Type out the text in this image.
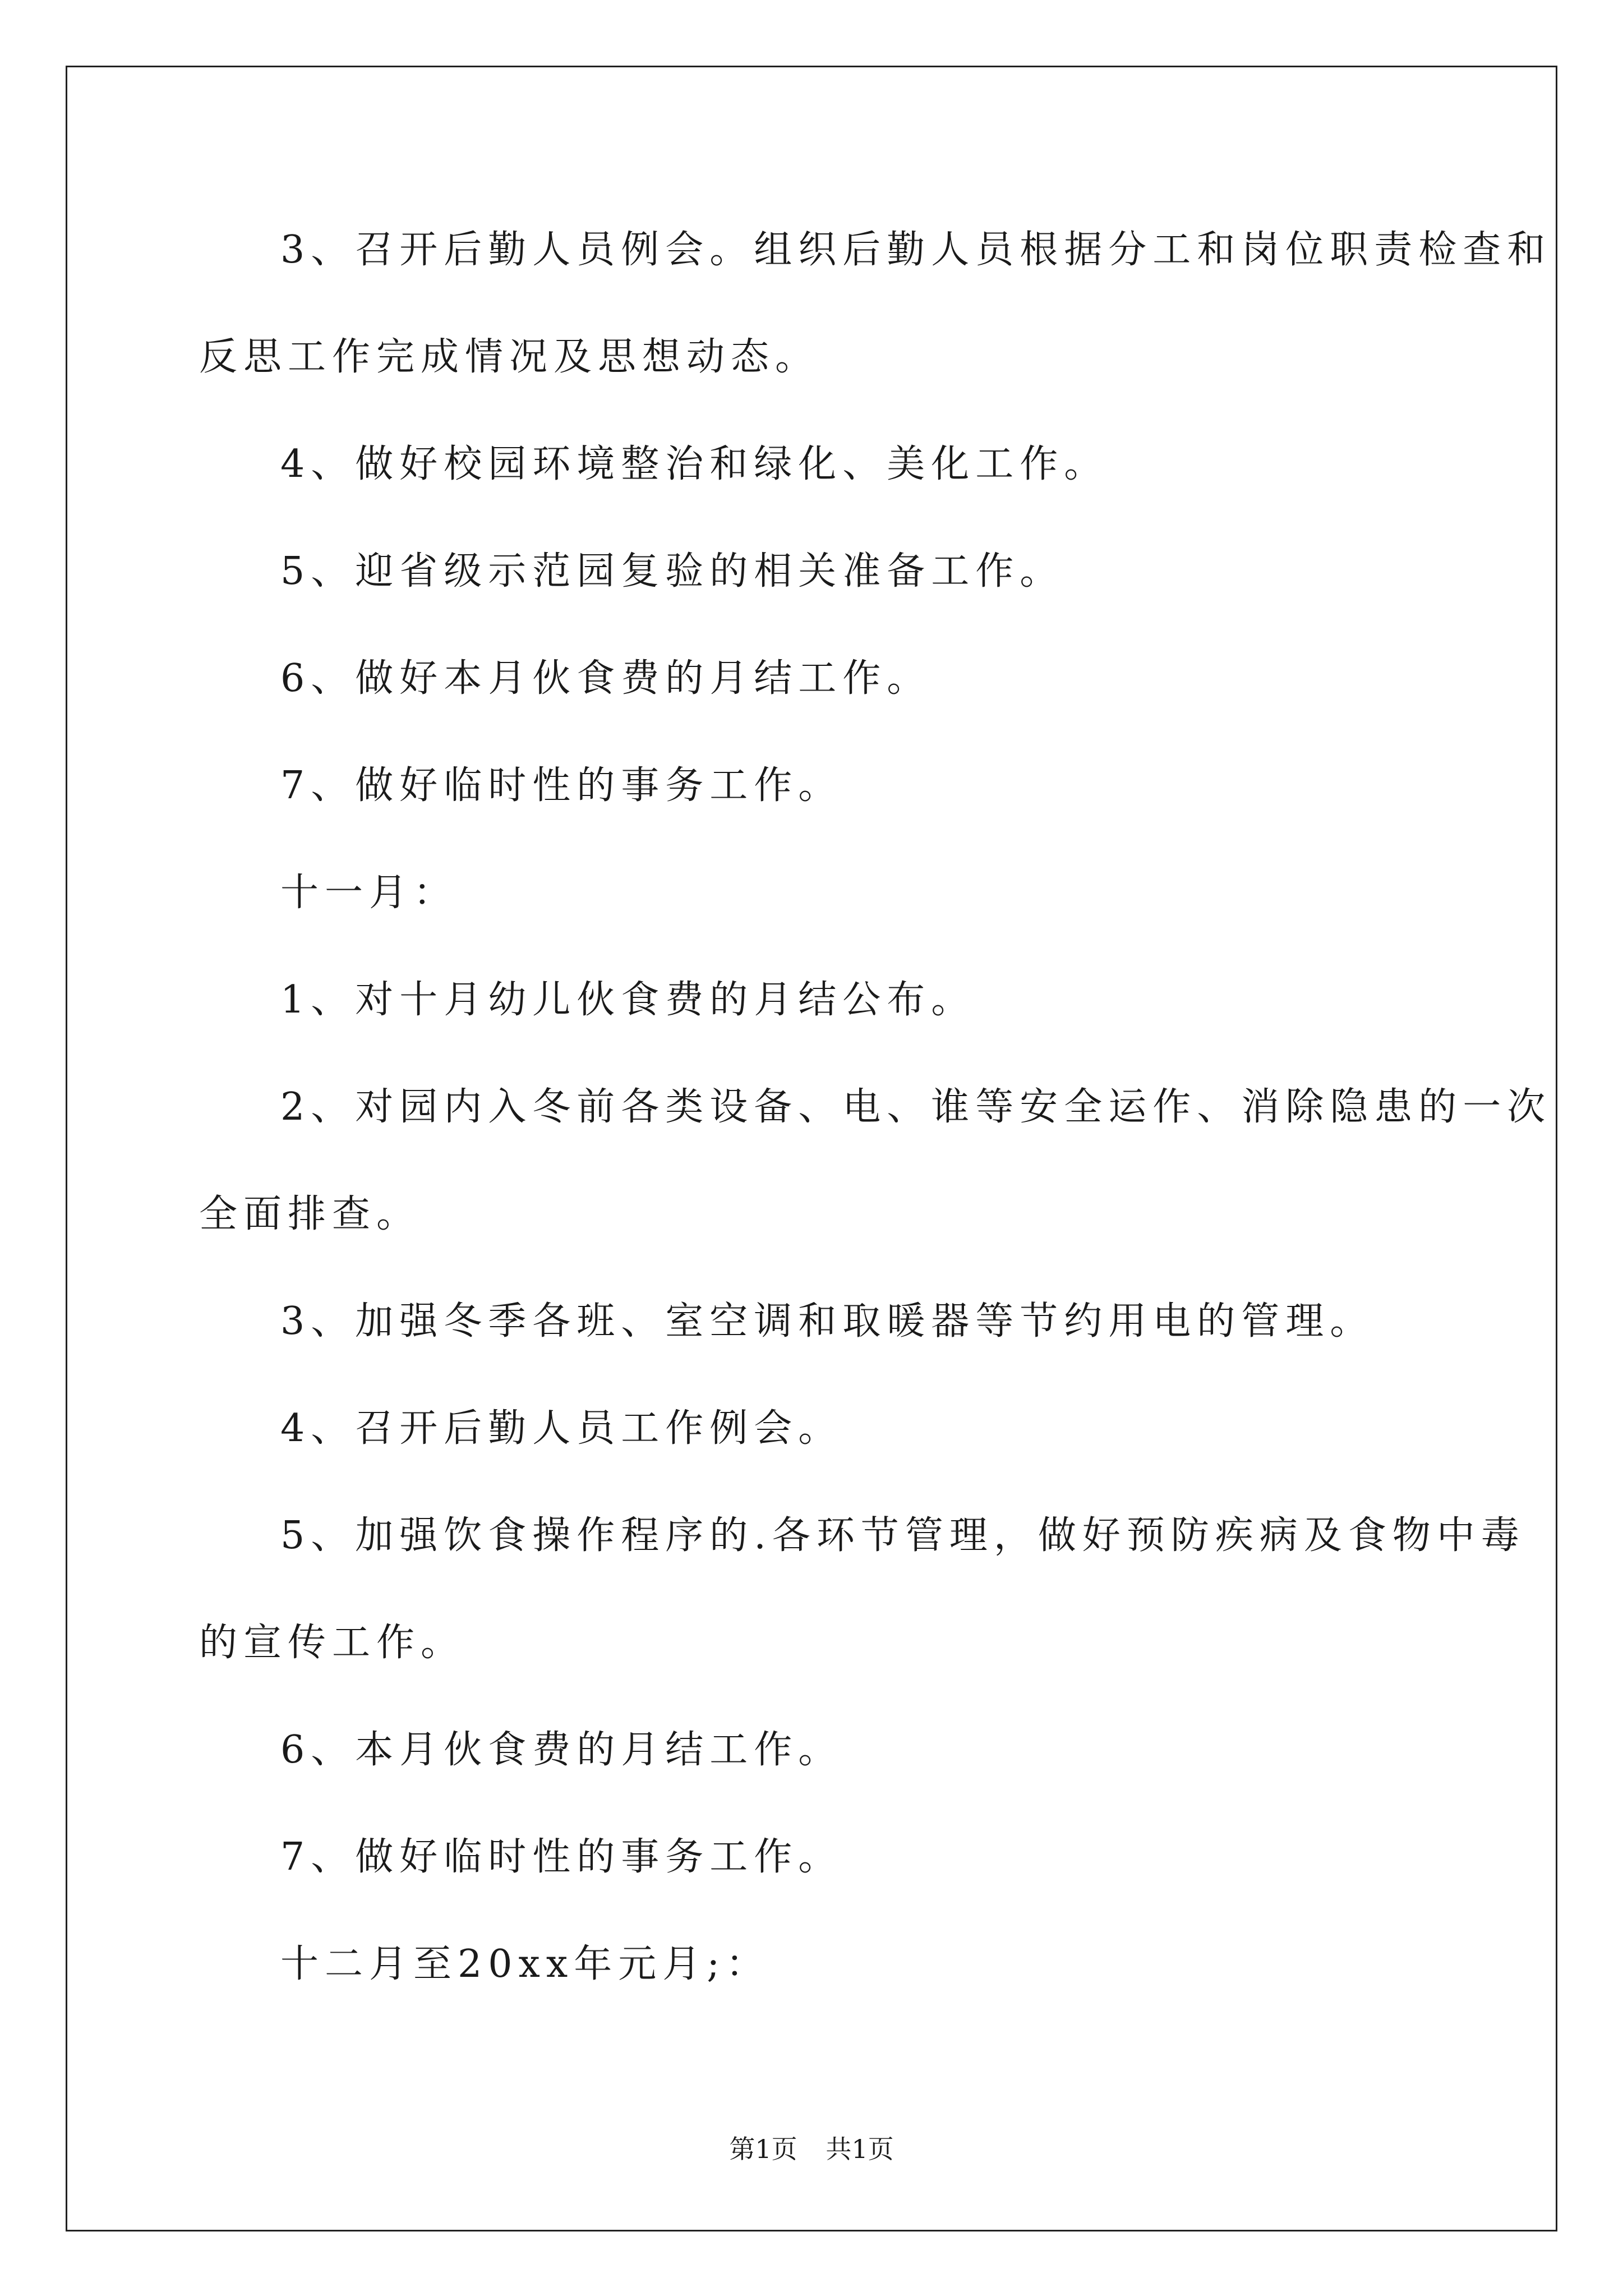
3、召开后勤人员例会。组织后勤人员根据分工和岗位职责检查和
反思工作完成情况及思想动态。
4、做好校园环境整治和绿化、美化工作。
5、迎省级示范园复验的相关准备工作。
6、做好本月伙食费的月结工作。
7、做好临时性的事务工作。
十一月：
1、对十月幼儿伙食费的月结公布。
2、对园内入冬前各类设备、电、谁等安全运作、消除隐患的一次
全面排查。
3、加强冬季各班、室空调和取暖器等节约用电的管理。
4、召开后勤人员工作例会。
5、加强饮食操作程序的.各环节管理，做好预防疾病及食物中毒
的宣传工作。
6、本月伙食费的月结工作。
7、做好临时性的事务工作。
十二月至20xx年元月;：
第1页 共1页
